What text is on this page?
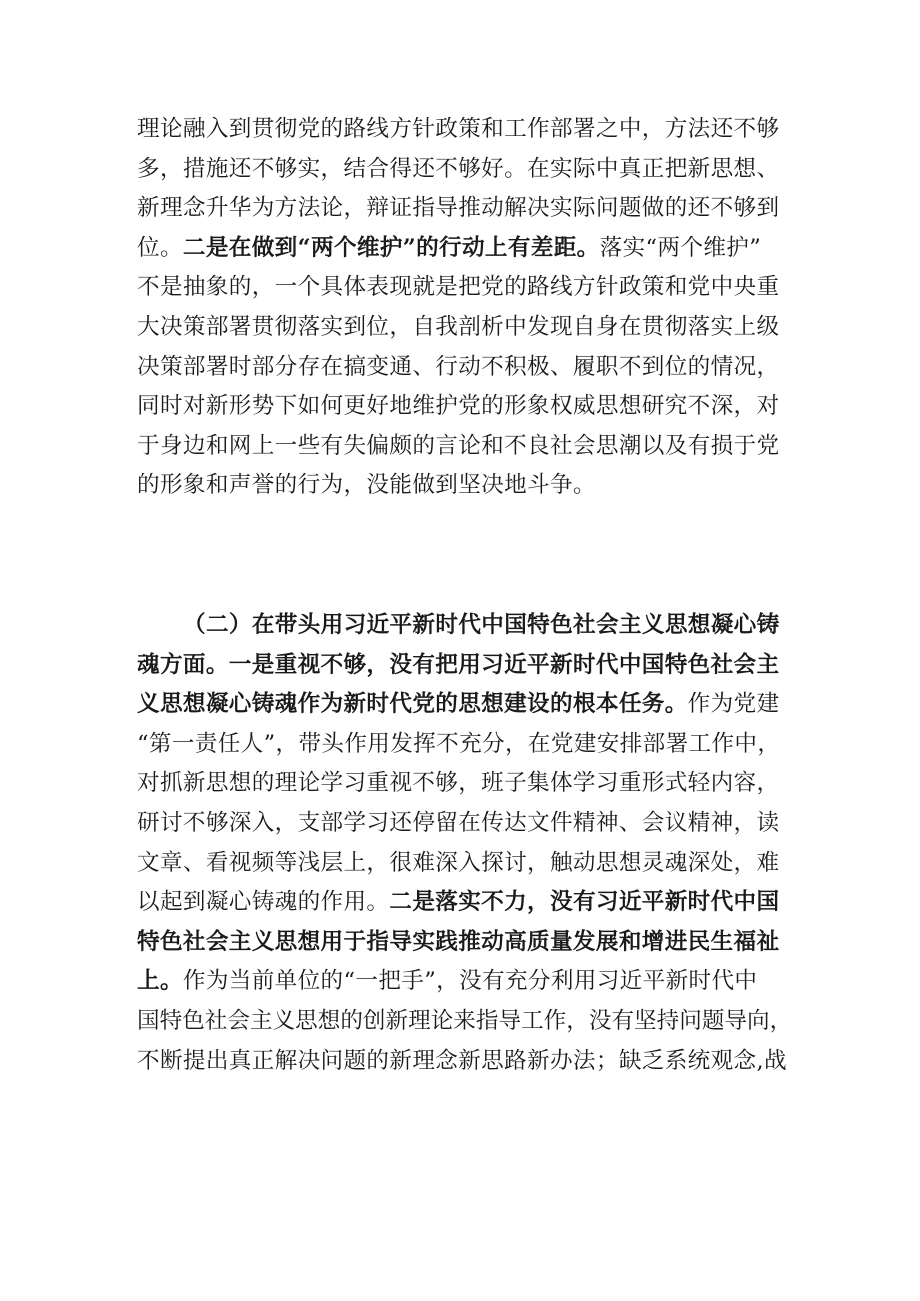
理论融入到贯彻党的路线方针政策和工作部署之中，方法还不够
多，措施还不够实，结合得还不够好。在实际中真正把新思想、
新理念升华为方法论，辩证指导推动解决实际问题做的还不够到
位。二是在做到“两个维护”的行动上有差距。落实“两个维护”
不是抽象的，一个具体表现就是把党的路线方针政策和党中央重
大决策部署贯彻落实到位，自我剖析中发现自身在贯彻落实上级
决策部署时部分存在搞变通、行动不积极、履职不到位的情况，
同时对新形势下如何更好地维护党的形象权威思想研究不深，对
于身边和网上一些有失偏颇的言论和不良社会思潮以及有损于党
的形象和声誉的行为，没能做到坚决地斗争。
（二）在带头用习近平新时代中国特色社会主义思想凝心铸
魂方面。一是重视不够，没有把用习近平新时代中国特色社会主
义思想凝心铸魂作为新时代党的思想建设的根本任务。作为党建
“第一责任人”，带头作用发挥不充分，在党建安排部署工作中，
对抓新思想的理论学习重视不够，班子集体学习重形式轻内容，
研讨不够深入，支部学习还停留在传达文件精神、会议精神，读
文章、看视频等浅层上，很难深入探讨，触动思想灵魂深处，难
以起到凝心铸魂的作用。二是落实不力，没有习近平新时代中国
特色社会主义思想用于指导实践推动高质量发展和增进民生福祉
上。作为当前单位的“一把手”，没有充分利用习近平新时代中
国特色社会主义思想的创新理论来指导工作，没有坚持问题导向，
不断提出真正解决问题的新理念新思路新办法；缺乏系统观念,战
